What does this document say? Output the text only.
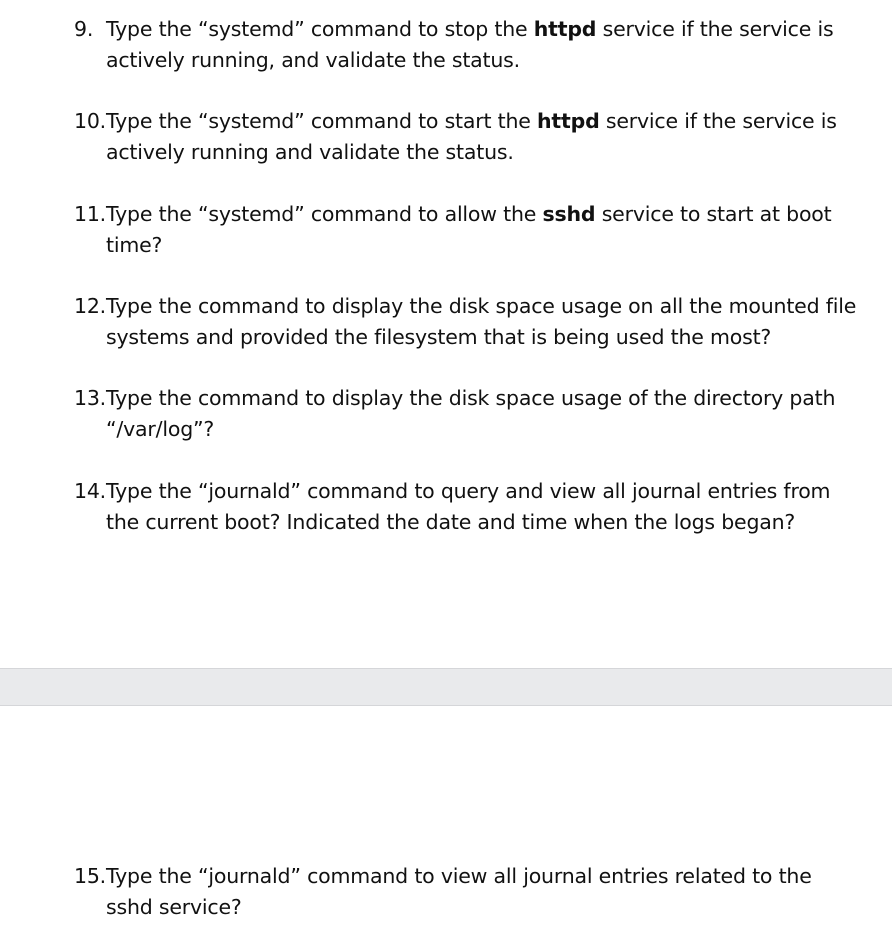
9. Type the “systemd” command to stop the httpd service if the service is actively running, and validate the status.
10. Type the “systemd” command to start the httpd service if the service is actively running and validate the status.
11. Type the “systemd” command to allow the sshd service to start at boot time?
12. Type the command to display the disk space usage on all the mounted file systems and provided the filesystem that is being used the most?
13. Type the command to display the disk space usage of the directory path “/var/log”?
14. Type the “journald” command to query and view all journal entries from the current boot? Indicated the date and time when the logs began?
15. Type the “journald” command to view all journal entries related to the sshd service?
